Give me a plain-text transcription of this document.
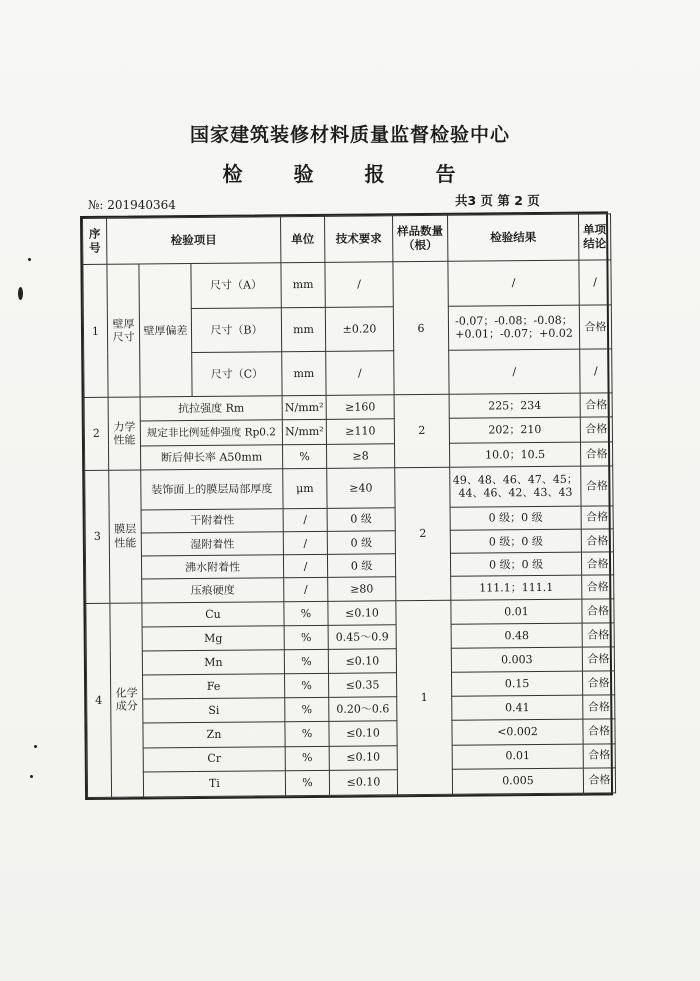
国家建筑装修材料质量监督检验中心
检 验 报 告
№: 201940364	共3 页 第 2 页
序号	检验项目			单位	技术要求	样品数量（根）	检验结果	单项结论
1	壁厚尺寸	壁厚偏差	尺寸（A）	mm	/	6	/	/
			尺寸（B）	mm	±0.20		-0.07；-0.08；-0.08；+0.01；-0.07；+0.02	合格
			尺寸（C）	mm	/		/	/
2	力学性能	抗拉强度 Rm		N/mm²	≥160	2	225；234	合格
		规定非比例延伸强度 Rp0.2		N/mm²	≥110		202；210	合格
		断后伸长率 A50mm		%	≥8		10.0；10.5	合格
3	膜层性能	装饰面上的膜层局部厚度		μm	≥40	2	49、48、46、47、45；44、46、42、43、43	合格
		干附着性		/	0 级		0 级；0 级	合格
		湿附着性		/	0 级		0 级；0 级	合格
		沸水附着性		/	0 级		0 级；0 级	合格
		压痕硬度		/	≥80		111.1；111.1	合格
4	化学成分	Cu		%	≤0.10	1	0.01	合格
		Mg		%	0.45～0.9		0.48	合格
		Mn		%	≤0.10		0.003	合格
		Fe		%	≤0.35		0.15	合格
		Si		%	0.20～0.6		0.41	合格
		Zn		%	≤0.10		<0.002	合格
		Cr		%	≤0.10		0.01	合格
		Ti		%	≤0.10		0.005	合格
